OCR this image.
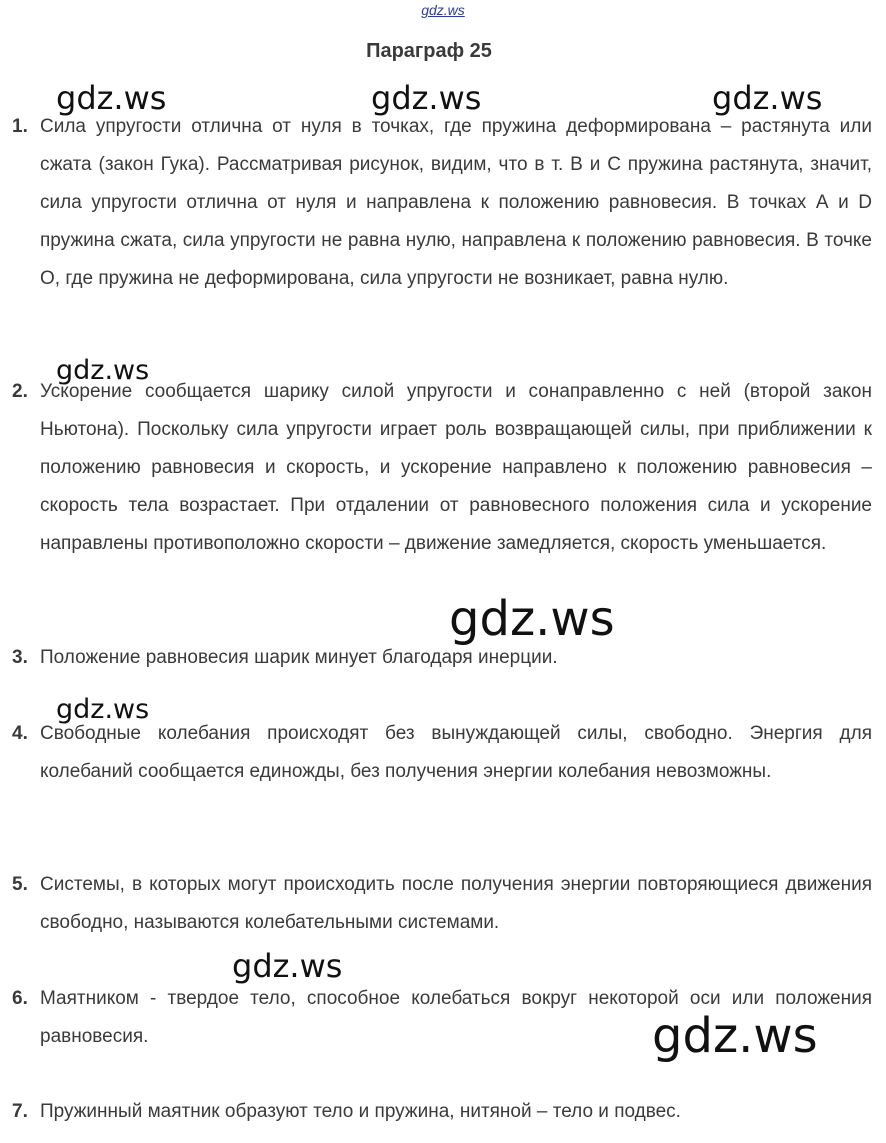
gdz.ws
Параграф 25
1. Сила упругости отлична от нуля в точках, где пружина деформирована – растянута или сжата (закон Гука). Рассматривая рисунок, видим, что в т. В и С пружина растянута, значит, сила упругости отлична от нуля и направлена к положению равновесия. В точках А и D пружина сжата, сила упругости не равна нулю, направлена к положению равновесия. В точке О, где пружина не деформирована, сила упругости не возникает, равна нулю.
2. Ускорение сообщается шарику силой упругости и сонаправленно с ней (второй закон Ньютона). Поскольку сила упругости играет роль возвращающей силы, при приближении к положению равновесия и скорость, и ускорение направлено к положению равновесия – скорость тела возрастает. При отдалении от равновесного положения сила и ускорение направлены противоположно скорости – движение замедляется, скорость уменьшается.
3. Положение равновесия шарик минует благодаря инерции.
4. Свободные колебания происходят без вынуждающей силы, свободно. Энергия для колебаний сообщается единожды, без получения энергии колебания невозможны.
5. Системы, в которых могут происходить после получения энергии повторяющиеся движения свободно, называются колебательными системами.
6. Маятником - твердое тело, способное колебаться вокруг некоторой оси или положения равновесия.
7. Пружинный маятник образуют тело и пружина, нитяной – тело и подвес.
gdz.ws	gdz.ws	gdz.ws
gdz.ws
gdz.ws
gdz.ws
gdz.ws
gdz.ws
